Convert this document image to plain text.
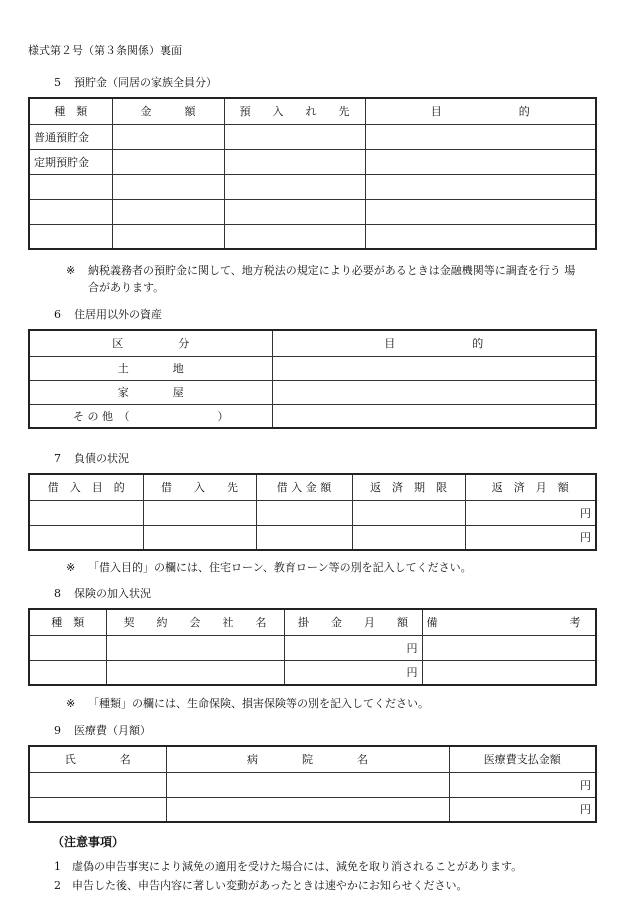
様式第２号（第３条関係）裏面
5 預貯金（同居の家族全員分）
種　類	金　　　額	預　　入　　れ　　先	目　　　　　　　的
普通預貯金			
定期預貯金			

※ 納税義務者の預貯金に関して、地方税法の規定により必要があるときは金融機関等に調査を行う 場
合があります。
6 住居用以外の資産
区　　　　　分	目　　　　　　　的
土　　　　地	
家　　　　屋	
そ の 他　（　　　　　　　　）	
7 負債の状況
借　入　目　的	借　　入　　先	借 入 金 額	返　済　期　限	返　済　月　額
				円
				円
※ 「借入目的」の欄には、住宅ローン、教育ローン等の別を記入してください。
8 保険の加入状況
種　類	契　　約　　会　　社　　名	掛　　金　　月　　額	備　　　　　　　　　　　　考
		円	
		円	
※ 「種類」の欄には、生命保険、損害保険等の別を記入してください。
9 医療費（月額）
氏　　　　名	病　　　　院　　　　名	医療費支払金額
		円
		円
（注意事項）
1 虚偽の申告事実により減免の適用を受けた場合には、減免を取り消されることがあります。
2 申告した後、申告内容に著しい変動があったときは速やかにお知らせください。
